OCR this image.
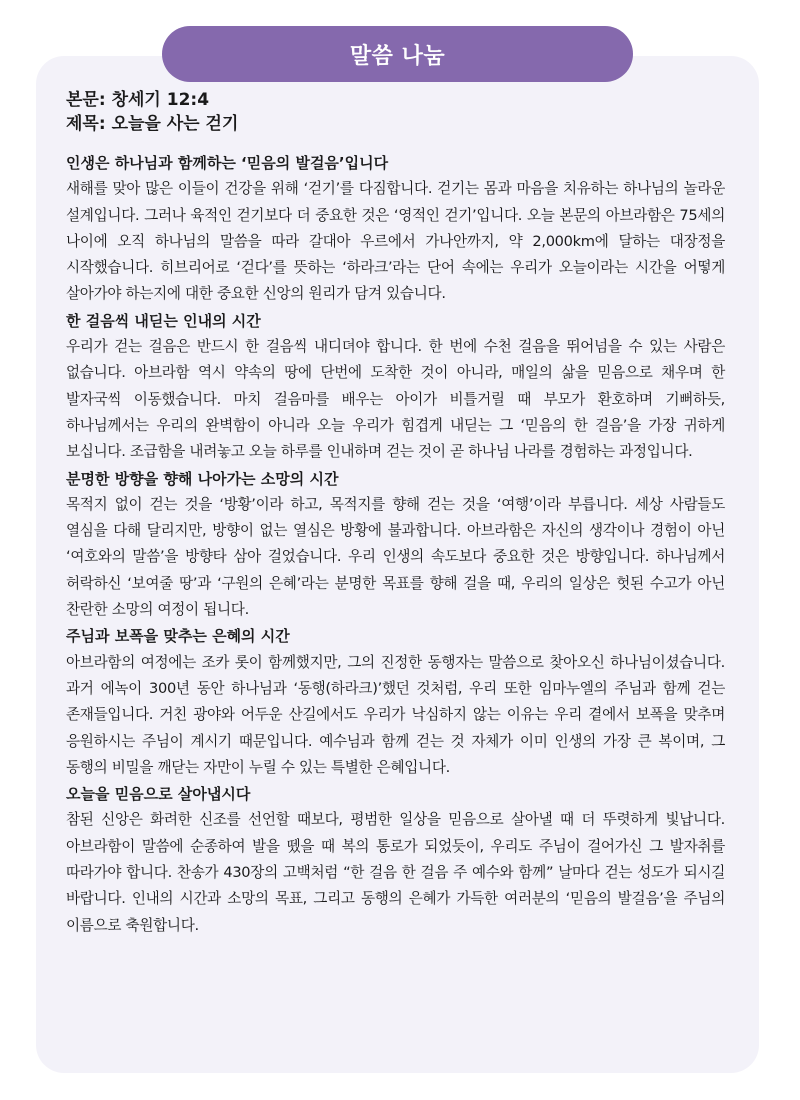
말씀 나눔
본문: 창세기 12:4
제목: 오늘을 사는 걷기
인생은 하나님과 함께하는 ‘믿음의 발걸음’입니다
새해를 맞아 많은 이들이 건강을 위해 ‘걷기’를 다짐합니다. 걷기는 몸과 마음을 치유하는 하나님의 놀라운 설계입니다. 그러나 육적인 걷기보다 더 중요한 것은 ‘영적인 걷기’입니다. 오늘 본문의 아브라함은 75세의 나이에 오직 하나님의 말씀을 따라 갈대아 우르에서 가나안까지, 약 2,000km에 달하는 대장정을 시작했습니다. 히브리어로 ‘걷다’를 뜻하는 ‘하라크’라는 단어 속에는 우리가 오늘이라는 시간을 어떻게 살아가야 하는지에 대한 중요한 신앙의 원리가 담겨 있습니다.
한 걸음씩 내딛는 인내의 시간
우리가 걷는 걸음은 반드시 한 걸음씩 내디뎌야 합니다. 한 번에 수천 걸음을 뛰어넘을 수 있는 사람은 없습니다. 아브라함 역시 약속의 땅에 단번에 도착한 것이 아니라, 매일의 삶을 믿음으로 채우며 한 발자국씩 이동했습니다. 마치 걸음마를 배우는 아이가 비틀거릴 때 부모가 환호하며 기뻐하듯, 하나님께서는 우리의 완벽함이 아니라 오늘 우리가 힘겹게 내딛는 그 ‘믿음의 한 걸음’을 가장 귀하게 보십니다. 조급함을 내려놓고 오늘 하루를 인내하며 걷는 것이 곧 하나님 나라를 경험하는 과정입니다.
분명한 방향을 향해 나아가는 소망의 시간
목적지 없이 걷는 것을 ‘방황’이라 하고, 목적지를 향해 걷는 것을 ‘여행’이라 부릅니다. 세상 사람들도 열심을 다해 달리지만, 방향이 없는 열심은 방황에 불과합니다. 아브라함은 자신의 생각이나 경험이 아닌 ‘여호와의 말씀’을 방향타 삼아 걸었습니다. 우리 인생의 속도보다 중요한 것은 방향입니다. 하나님께서 허락하신 ‘보여줄 땅’과 ‘구원의 은혜’라는 분명한 목표를 향해 걸을 때, 우리의 일상은 헛된 수고가 아닌 찬란한 소망의 여정이 됩니다.
주님과 보폭을 맞추는 은혜의 시간
아브라함의 여정에는 조카 롯이 함께했지만, 그의 진정한 동행자는 말씀으로 찾아오신 하나님이셨습니다. 과거 에녹이 300년 동안 하나님과 ‘동행(하라크)’했던 것처럼, 우리 또한 임마누엘의 주님과 함께 걷는 존재들입니다. 거친 광야와 어두운 산길에서도 우리가 낙심하지 않는 이유는 우리 곁에서 보폭을 맞추며 응원하시는 주님이 계시기 때문입니다. 예수님과 함께 걷는 것 자체가 이미 인생의 가장 큰 복이며, 그 동행의 비밀을 깨닫는 자만이 누릴 수 있는 특별한 은혜입니다.
오늘을 믿음으로 살아냅시다
참된 신앙은 화려한 신조를 선언할 때보다, 평범한 일상을 믿음으로 살아낼 때 더 뚜렷하게 빛납니다. 아브라함이 말씀에 순종하여 발을 뗐을 때 복의 통로가 되었듯이, 우리도 주님이 걸어가신 그 발자취를 따라가야 합니다. 찬송가 430장의 고백처럼 “한 걸음 한 걸음 주 예수와 함께” 날마다 걷는 성도가 되시길 바랍니다. 인내의 시간과 소망의 목표, 그리고 동행의 은혜가 가득한 여러분의 ‘믿음의 발걸음’을 주님의 이름으로 축원합니다.
